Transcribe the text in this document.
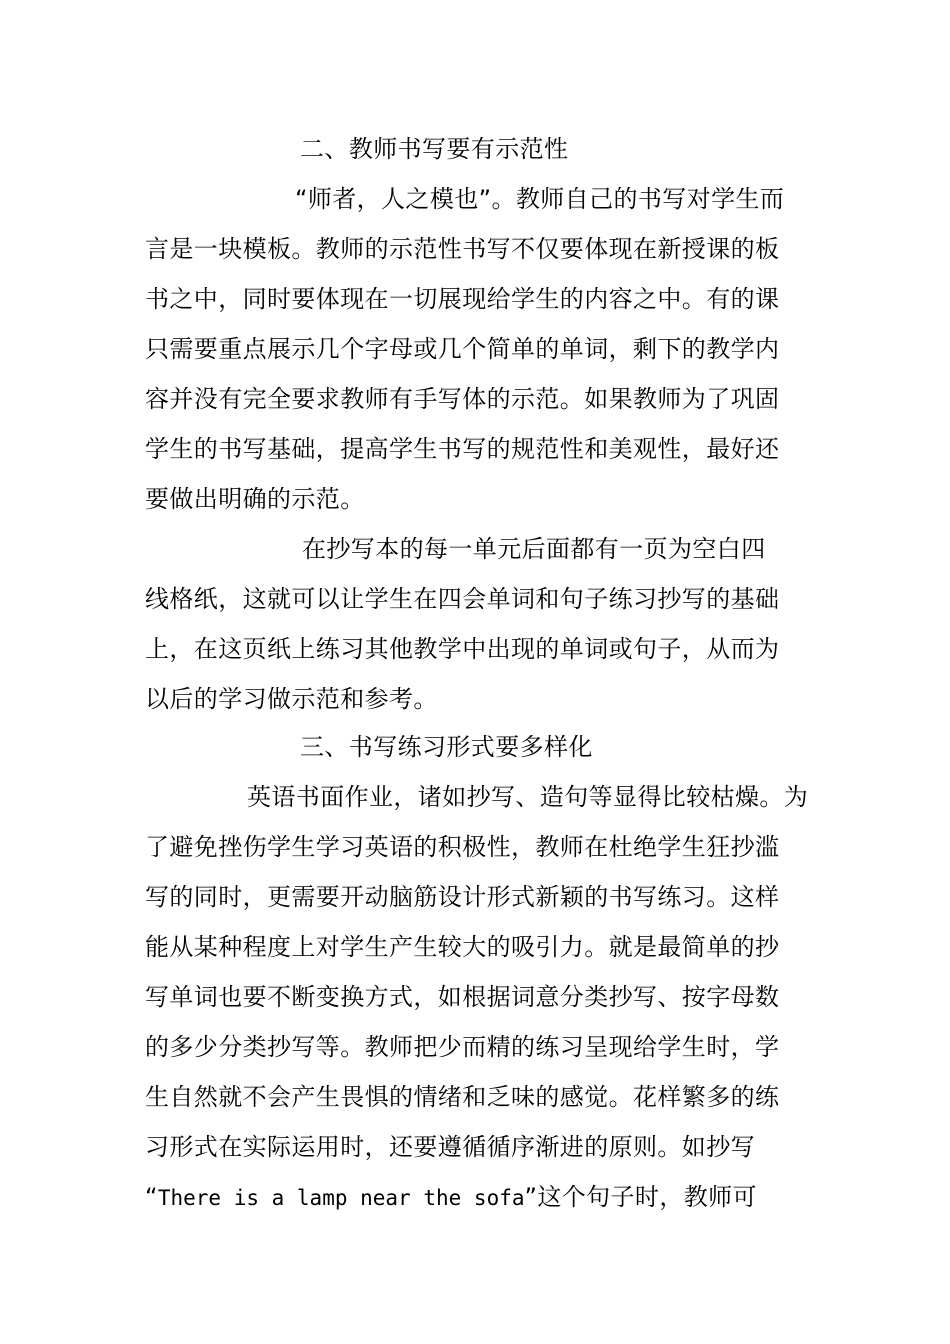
二、教师书写要有示范性
“师者，人之模也”。教师自己的书写对学生而
言是一块模板。教师的示范性书写不仅要体现在新授课的板
书之中，同时要体现在一切展现给学生的内容之中。有的课
只需要重点展示几个字母或几个简单的单词，剩下的教学内
容并没有完全要求教师有手写体的示范。如果教师为了巩固
学生的书写基础，提高学生书写的规范性和美观性，最好还
要做出明确的示范。
在抄写本的每一单元后面都有一页为空白四
线格纸，这就可以让学生在四会单词和句子练习抄写的基础
上，在这页纸上练习其他教学中出现的单词或句子，从而为
以后的学习做示范和参考。
三、书写练习形式要多样化
英语书面作业，诸如抄写、造句等显得比较枯燥。为
了避免挫伤学生学习英语的积极性，教师在杜绝学生狂抄滥
写的同时，更需要开动脑筋设计形式新颖的书写练习。这样
能从某种程度上对学生产生较大的吸引力。就是最简单的抄
写单词也要不断变换方式，如根据词意分类抄写、按字母数
的多少分类抄写等。教师把少而精的练习呈现给学生时，学
生自然就不会产生畏惧的情绪和乏味的感觉。花样繁多的练
习形式在实际运用时，还要遵循循序渐进的原则。如抄写
“There is a lamp near the sofa”这个句子时，教师可
